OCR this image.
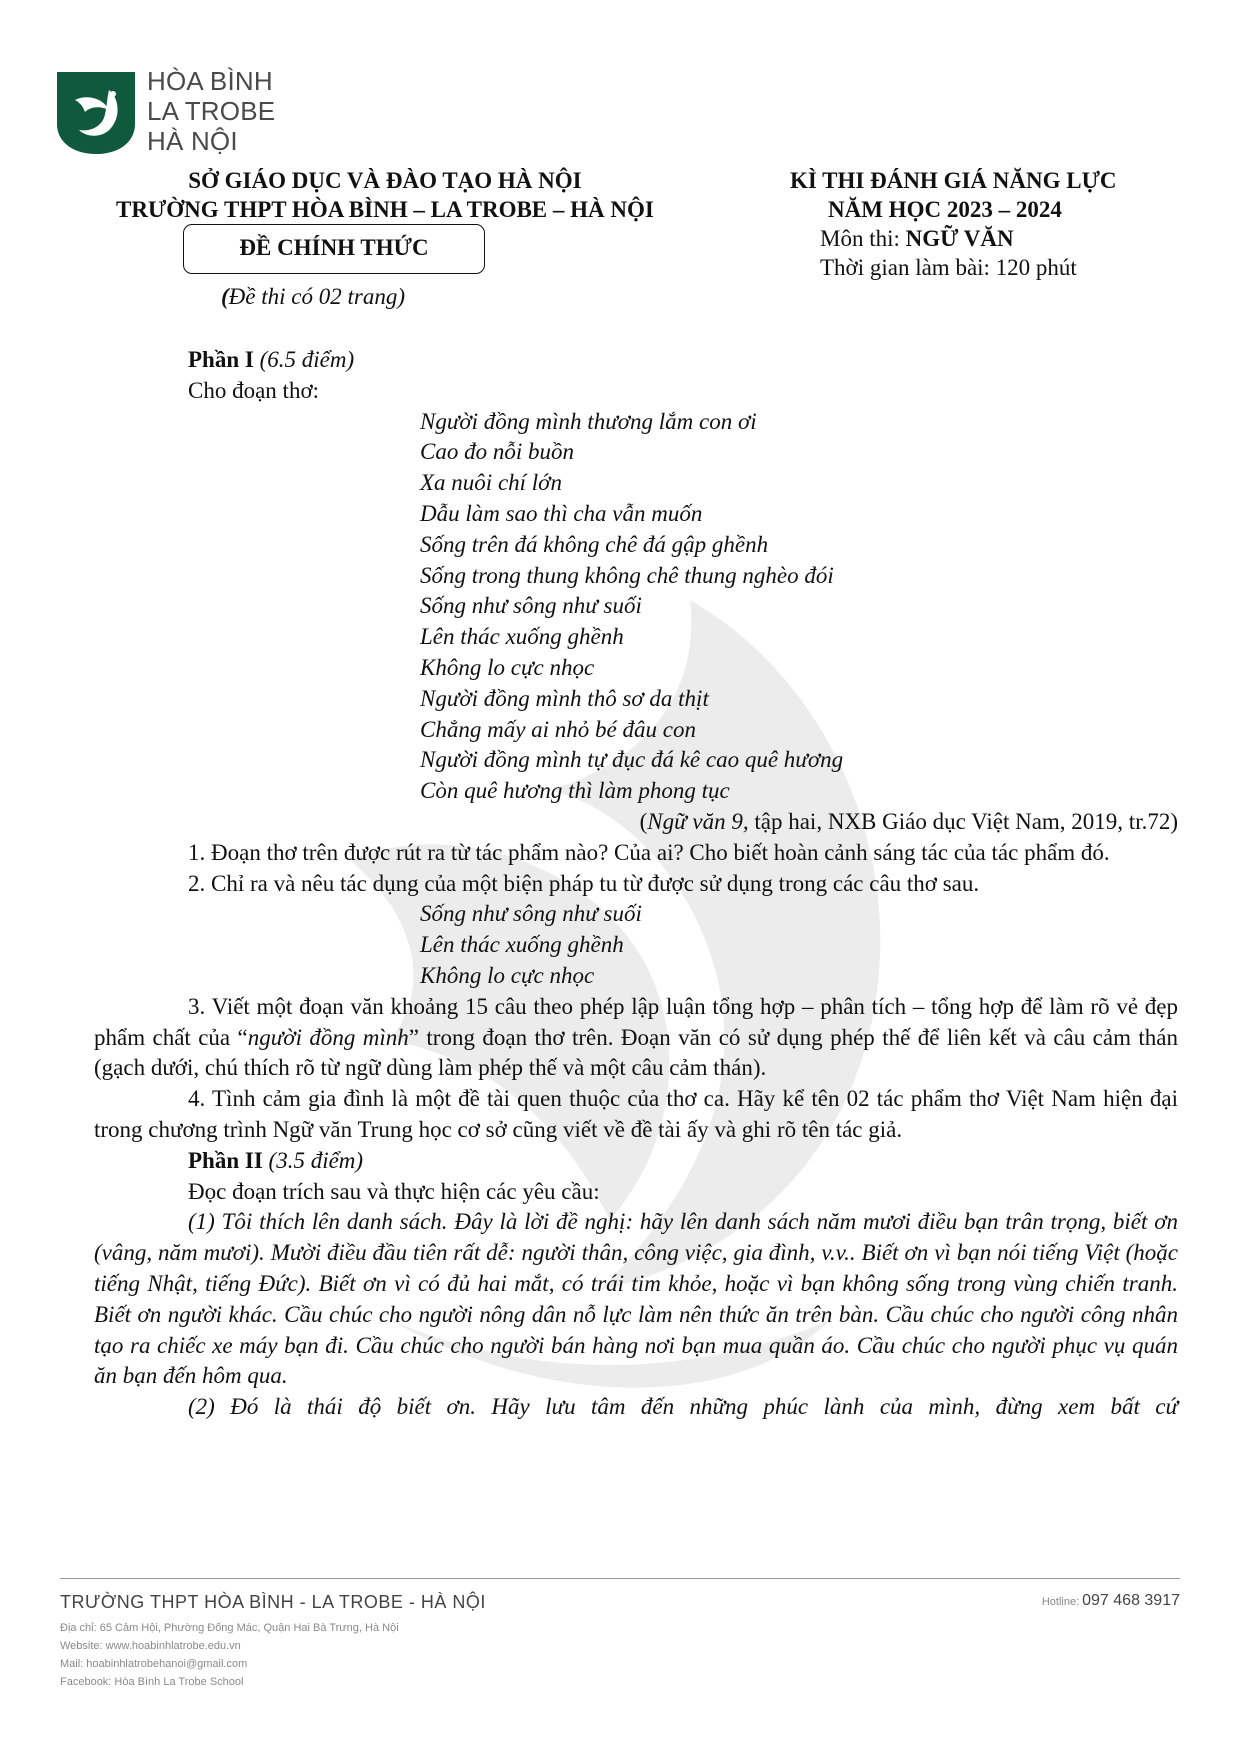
HÒA BÌNH
LA TROBE
HÀ NỘI
SỞ GIÁO DỤC VÀ ĐÀO TẠO HÀ NỘI
TRƯỜNG THPT HÒA BÌNH – LA TROBE – HÀ NỘI
KÌ THI ĐÁNH GIÁ NĂNG LỰC
NĂM HỌC 2023 – 2024
Môn thi: NGỮ VĂN
Thời gian làm bài: 120 phút
ĐỀ CHÍNH THỨC
(Đề thi có 02 trang)

Phần I (6.5 điểm)

Cho đoạn thơ:

Người đồng mình thương lắm con ơi

Cao đo nỗi buồn

Xa nuôi chí lớn

Dẫu làm sao thì cha vẫn muốn

Sống trên đá không chê đá gập ghềnh

Sống trong thung không chê thung nghèo đói

Sống như sông như suối

Lên thác xuống ghềnh

Không lo cực nhọc

Người đồng mình thô sơ da thịt

Chẳng mấy ai nhỏ bé đâu con

Người đồng mình tự đục đá kê cao quê hương

Còn quê hương thì làm phong tục

(Ngữ văn 9, tập hai, NXB Giáo dục Việt Nam, 2019, tr.72)

1. Đoạn thơ trên được rút ra từ tác phẩm nào? Của ai? Cho biết hoàn cảnh sáng tác của tác phẩm đó.

2. Chỉ ra và nêu tác dụng của một biện pháp tu từ được sử dụng trong các câu thơ sau.

Sống như sông như suối

Lên thác xuống ghềnh

Không lo cực nhọc

3. Viết một đoạn văn khoảng 15 câu theo phép lập luận tổng hợp – phân tích – tổng hợp để làm rõ vẻ đẹp phẩm chất của “người đồng mình” trong đoạn thơ trên. Đoạn văn có sử dụng phép thế để liên kết và câu cảm thán (gạch dưới, chú thích rõ từ ngữ dùng làm phép thế và một câu cảm thán).

4. Tình cảm gia đình là một đề tài quen thuộc của thơ ca. Hãy kể tên 02 tác phẩm thơ Việt Nam hiện đại trong chương trình Ngữ văn Trung học cơ sở cũng viết về đề tài ấy và ghi rõ tên tác giả.

Phần II (3.5 điểm)

Đọc đoạn trích sau và thực hiện các yêu cầu:

(1) Tôi thích lên danh sách. Đây là lời đề nghị: hãy lên danh sách năm mươi điều bạn trân trọng, biết ơn (vâng, năm mươi). Mười điều đầu tiên rất dễ: người thân, công việc, gia đình, v.v.. Biết ơn vì bạn nói tiếng Việt (hoặc tiếng Nhật, tiếng Đức). Biết ơn vì có đủ hai mắt, có trái tim khỏe, hoặc vì bạn không sống trong vùng chiến tranh. Biết ơn người khác. Cầu chúc cho người nông dân nỗ lực làm nên thức ăn trên bàn. Cầu chúc cho người công nhân tạo ra chiếc xe máy bạn đi. Cầu chúc cho người bán hàng nơi bạn mua quần áo. Cầu chúc cho người phục vụ quán ăn bạn đến hôm qua.

(2) Đó là thái độ biết ơn. Hãy lưu tâm đến những phúc lành của mình, đừng xem bất cứ

TRƯỜNG THPT HÒA BÌNH - LA TROBE - HÀ NỘI	Hotline: 097 468 3917
Địa chỉ: 65 Cảm Hội, Phường Đống Mác, Quận Hai Bà Trưng, Hà Nội
Website: www.hoabinhlatrobe.edu.vn
Mail: hoabinhlatrobehanoi@gmail.com
Facebook: Hòa Bình La Trobe School
